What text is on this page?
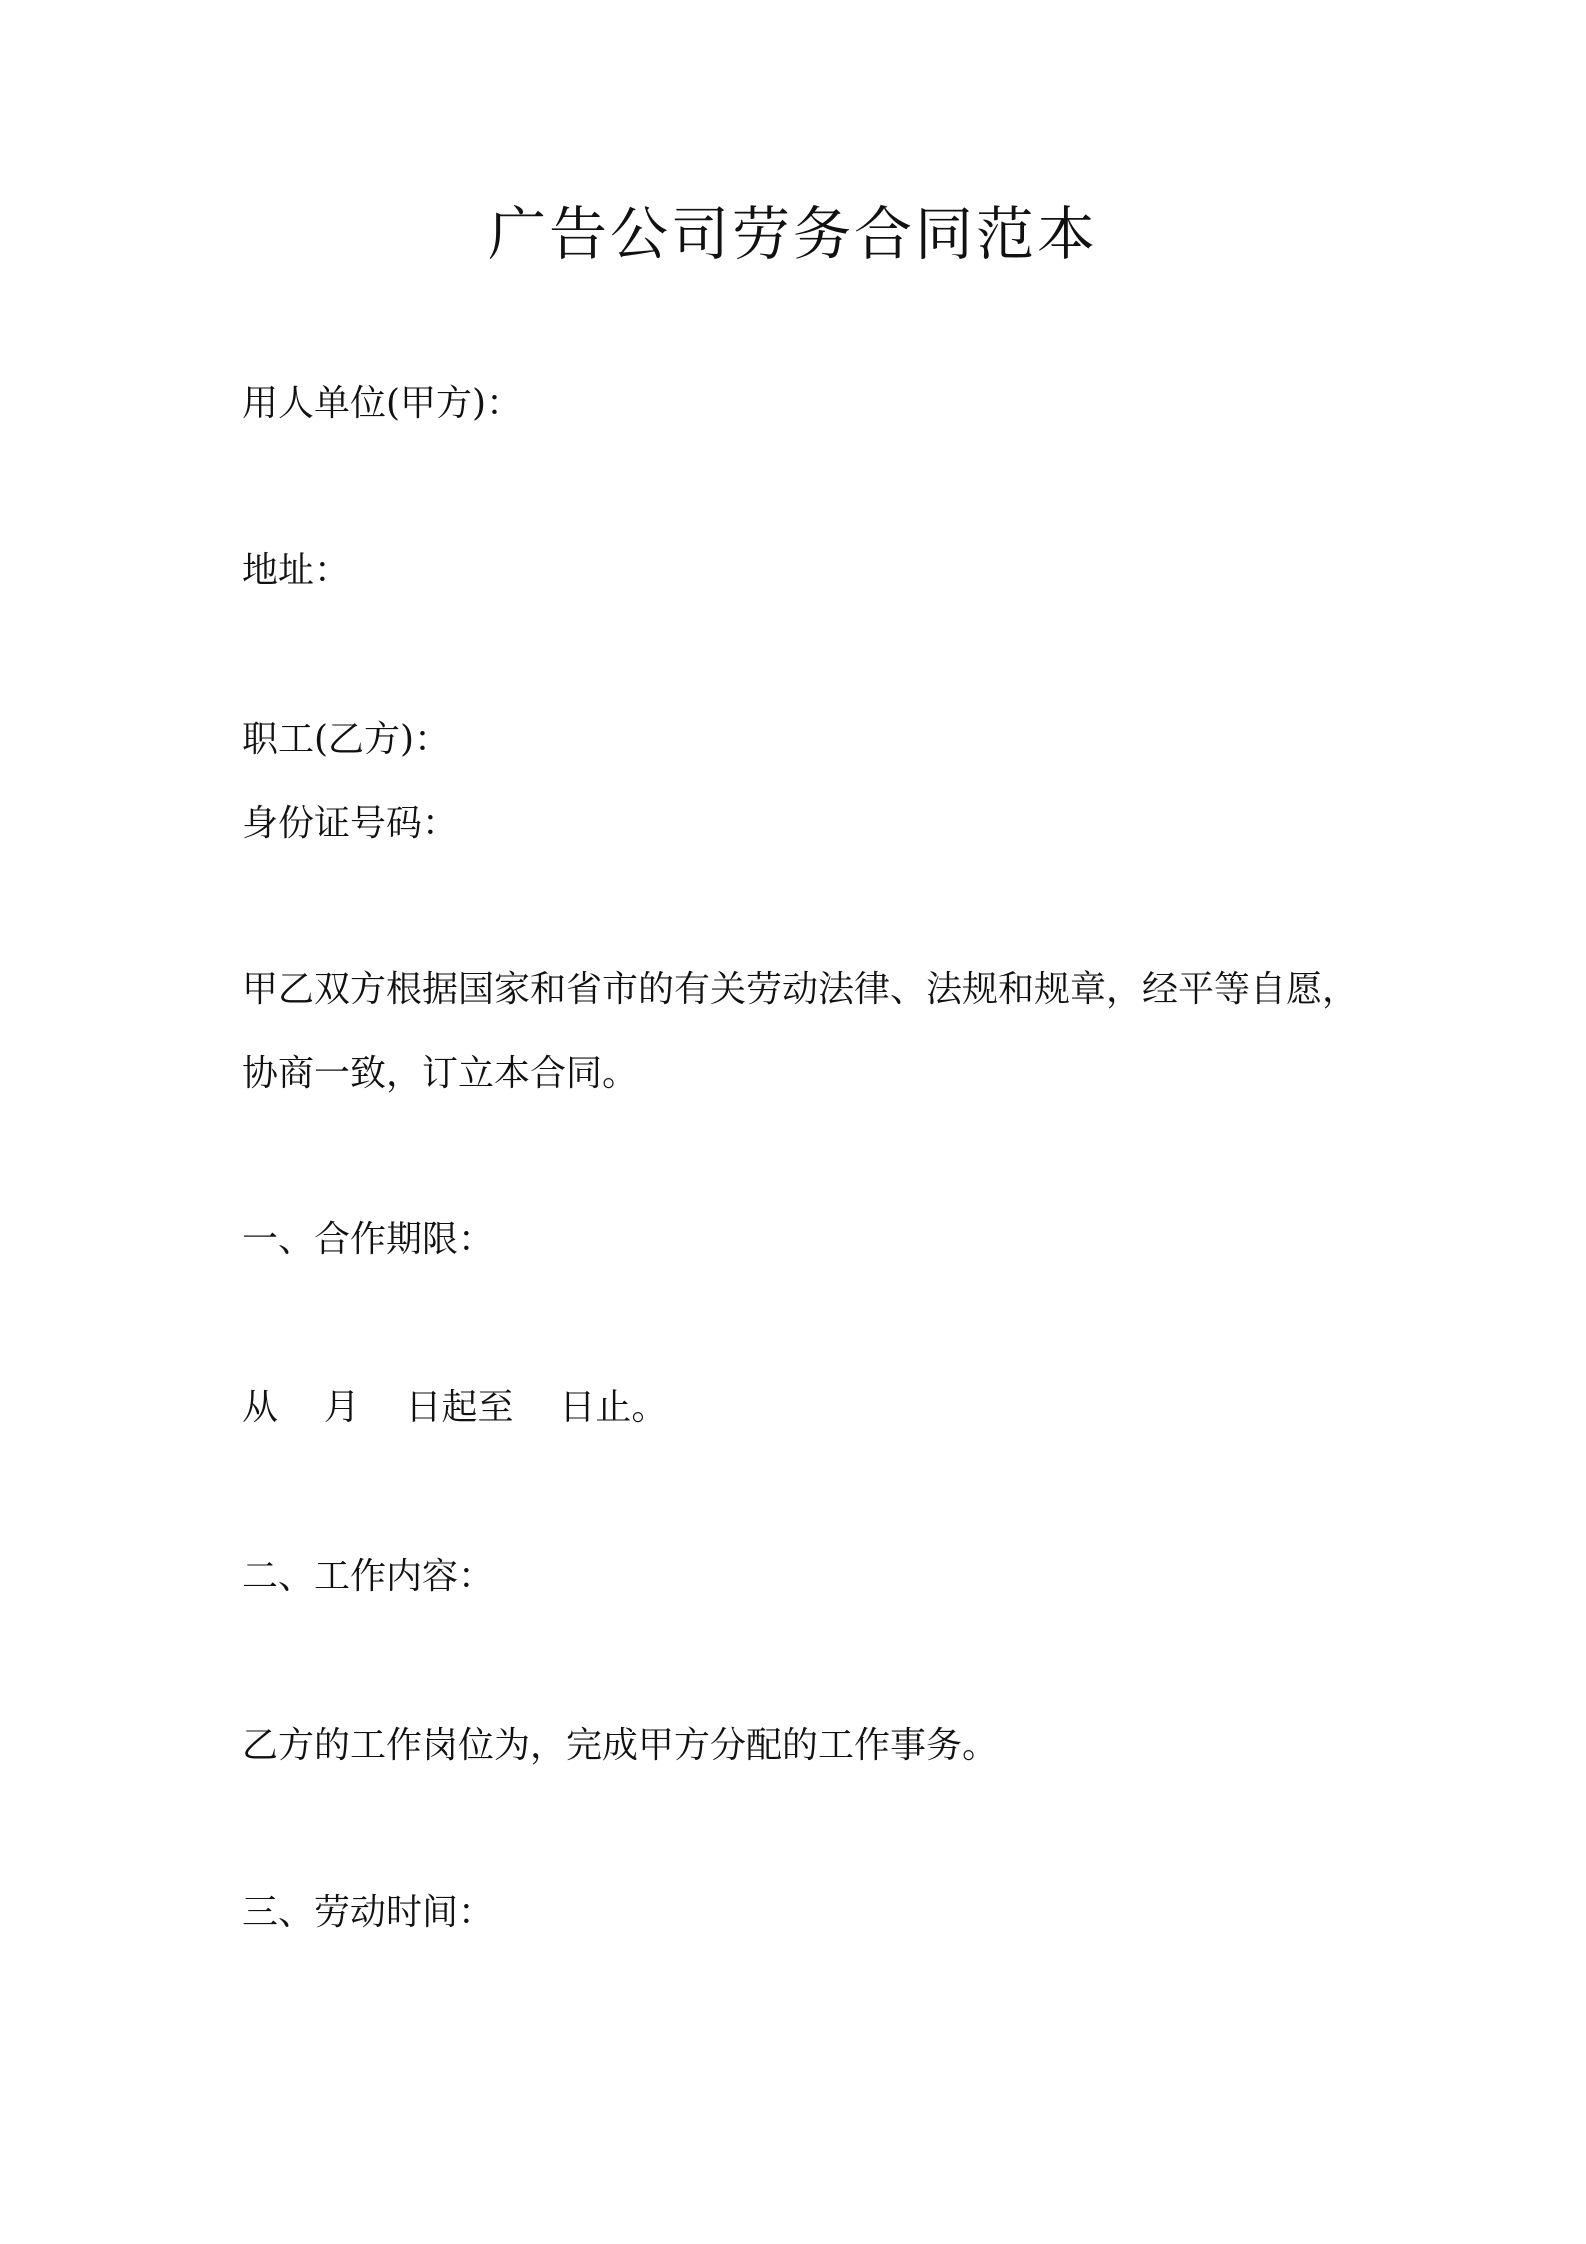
广告公司劳务合同范本

用人单位(甲方)：

地址：

职工(乙方)：

身份证号码：

甲乙双方根据国家和省市的有关劳动法律、法规和规章，经平等自愿，

协商一致，订立本合同。

一、合作期限：

从    月    日起至    日止。

二、工作内容：

乙方的工作岗位为，完成甲方分配的工作事务。

三、劳动时间：
